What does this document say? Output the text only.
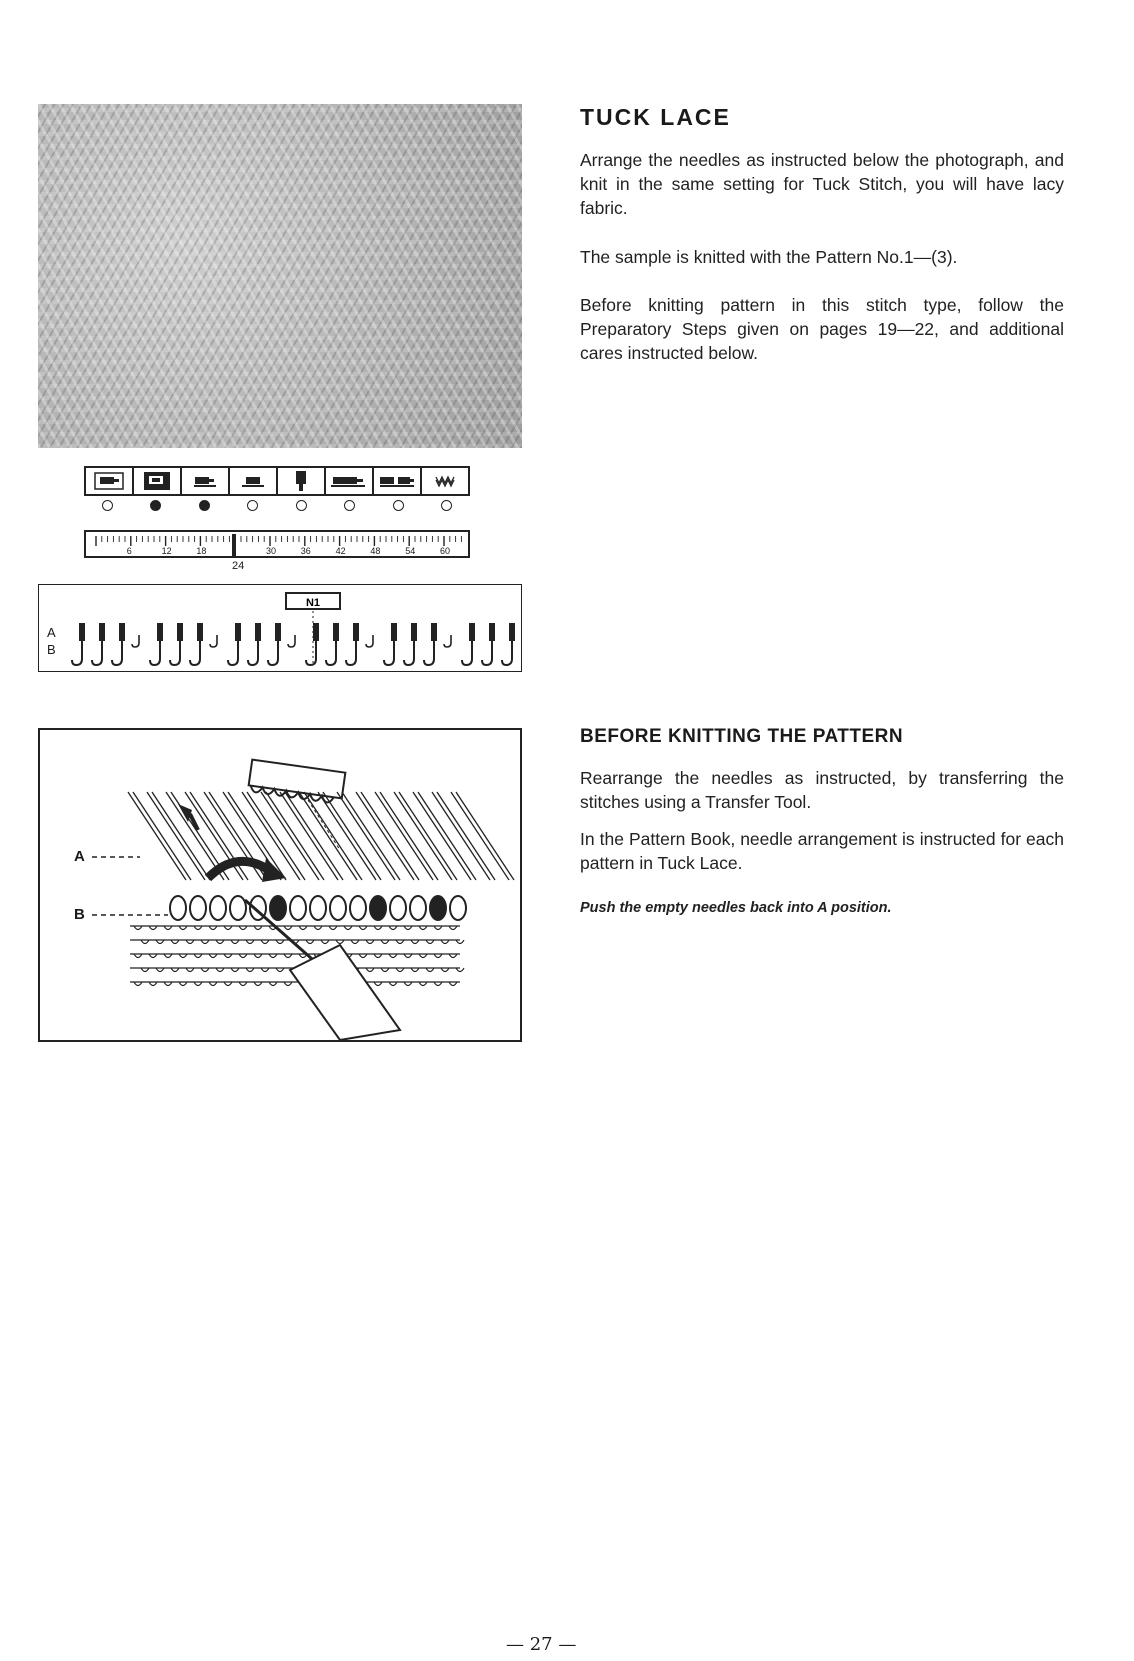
6	12	18	30	36	42	48	54	60
24
A
B
N1
A
B
TUCK LACE
Arrange the needles as instructed below the photograph, and knit in the same setting for Tuck Stitch, you will have lacy fabric.
The sample is knitted with the Pattern No.1—(3).
Before knitting pattern in this stitch type, follow the Preparatory Steps given on pages 19—22, and additional cares instructed below.
BEFORE KNITTING THE PATTERN
Rearrange the needles as instructed, by transferring the stitches using a Transfer Tool.
In the Pattern Book, needle arrangement is instructed for each pattern in Tuck Lace.
Push the empty needles back into A position.
— 27 —
